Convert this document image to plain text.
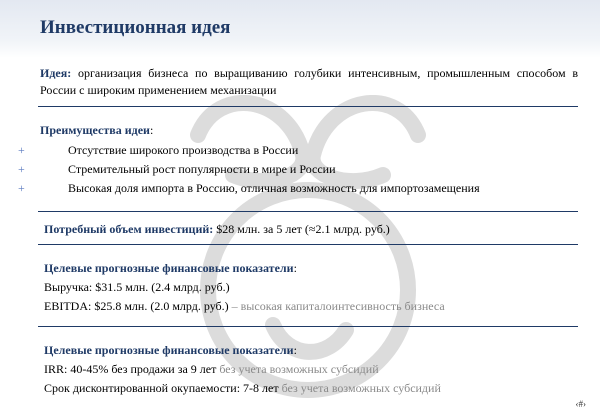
Инвестиционная идея
Идея: организация бизнеса по выращиванию голубики интенсивным, промышленным способом в России с широким применением механизации
Преимущества идеи:
+	Отсутствие широкого производства в России
+	Стремительный рост популярности в мире и России
+	Высокая доля импорта в Россию, отличная возможность для импортозамещения
Потребный объем инвестиций: $28 млн. за 5 лет (≈2.1 млрд. руб.)
Целевые прогнозные финансовые показатели:
Выручка: $31.5 млн. (2.4 млрд. руб.)
EBITDA: $25.8 млн. (2.0 млрд. руб.) – высокая капиталоинтесивность бизнеса
Целевые прогнозные финансовые показатели:
IRR: 40-45% без продажи за 9 лет без учета возможных субсидий
Срок дисконтированной окупаемости: 7-8 лет без учета возможных субсидий
‹#›
